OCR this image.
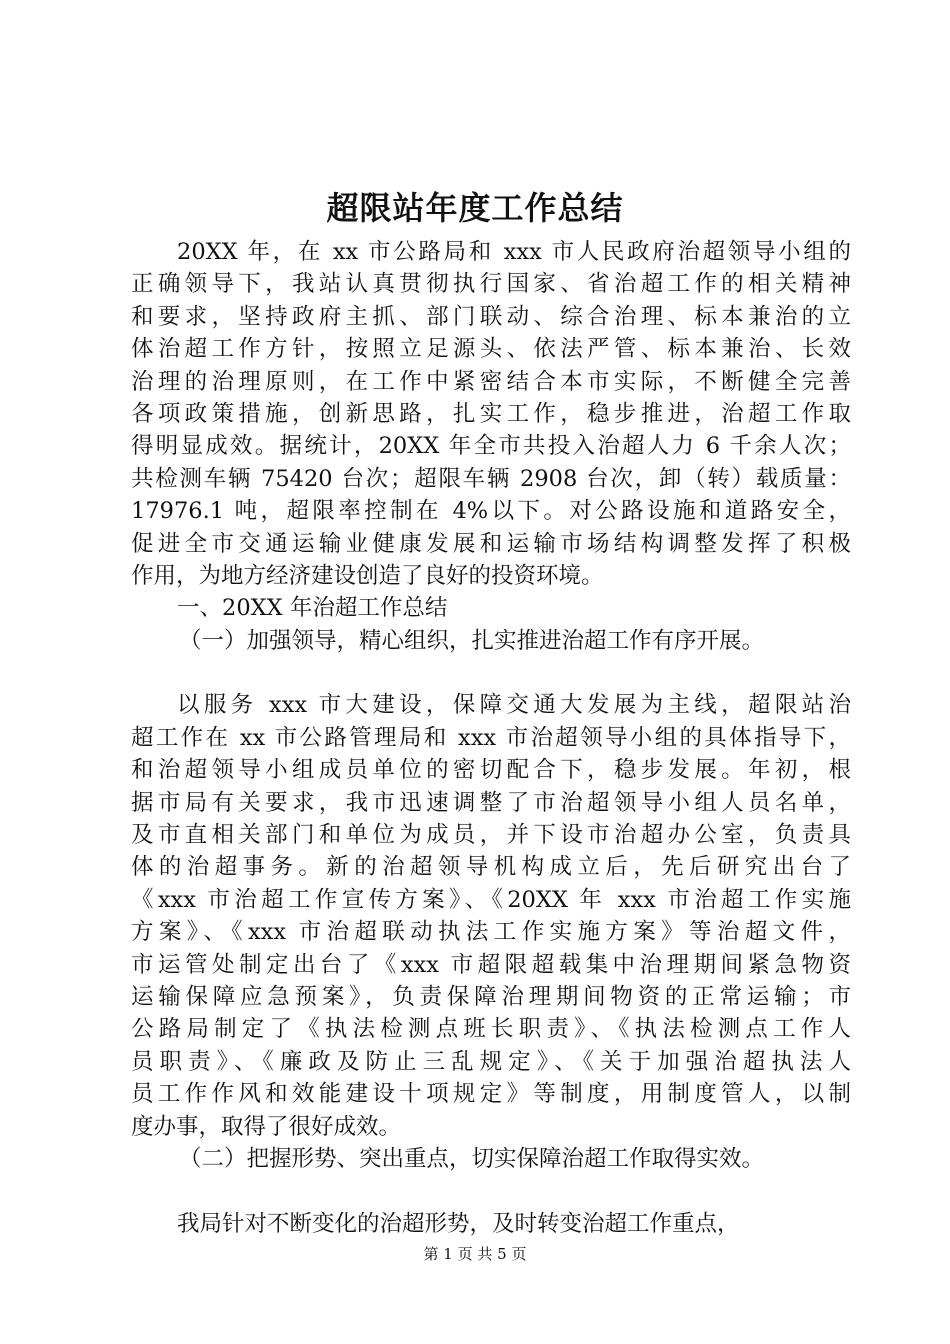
超限站年度工作总结
20XX 年，在 xx 市公路局和 xxx 市人民政府治超领导小组的
正确领导下，我站认真贯彻执行国家、省治超工作的相关精神
和要求，坚持政府主抓、部门联动、综合治理、标本兼治的立
体治超工作方针，按照立足源头、依法严管、标本兼治、长效
治理的治理原则，在工作中紧密结合本市实际，不断健全完善
各项政策措施，创新思路，扎实工作，稳步推进，治超工作取
得明显成效。据统计，20XX 年全市共投入治超人力 6 千余人次；
共检测车辆 75420 台次；超限车辆 2908 台次，卸（转）载质量：
17976.1 吨，超限率控制在 4%以下。对公路设施和道路安全，
促进全市交通运输业健康发展和运输市场结构调整发挥了积极
作用，为地方经济建设创造了良好的投资环境。
一、20XX 年治超工作总结
（一）加强领导，精心组织，扎实推进治超工作有序开展。
以服务 xxx 市大建设，保障交通大发展为主线，超限站治
超工作在 xx 市公路管理局和 xxx 市治超领导小组的具体指导下，
和治超领导小组成员单位的密切配合下，稳步发展。年初，根
据市局有关要求，我市迅速调整了市治超领导小组人员名单，
及市直相关部门和单位为成员，并下设市治超办公室，负责具
体的治超事务。新的治超领导机构成立后，先后研究出台了
《xxx 市治超工作宣传方案》、《20XX 年 xxx 市治超工作实施
方案》、《xxx 市治超联动执法工作实施方案》等治超文件，
市运管处制定出台了《xxx 市超限超载集中治理期间紧急物资
运输保障应急预案》，负责保障治理期间物资的正常运输；市
公路局制定了《执法检测点班长职责》、《执法检测点工作人
员职责》、《廉政及防止三乱规定》、《关于加强治超执法人
员工作作风和效能建设十项规定》等制度，用制度管人，以制
度办事，取得了很好成效。
（二）把握形势、突出重点，切实保障治超工作取得实效。
我局针对不断变化的治超形势，及时转变治超工作重点，
第 1 页 共 5 页
